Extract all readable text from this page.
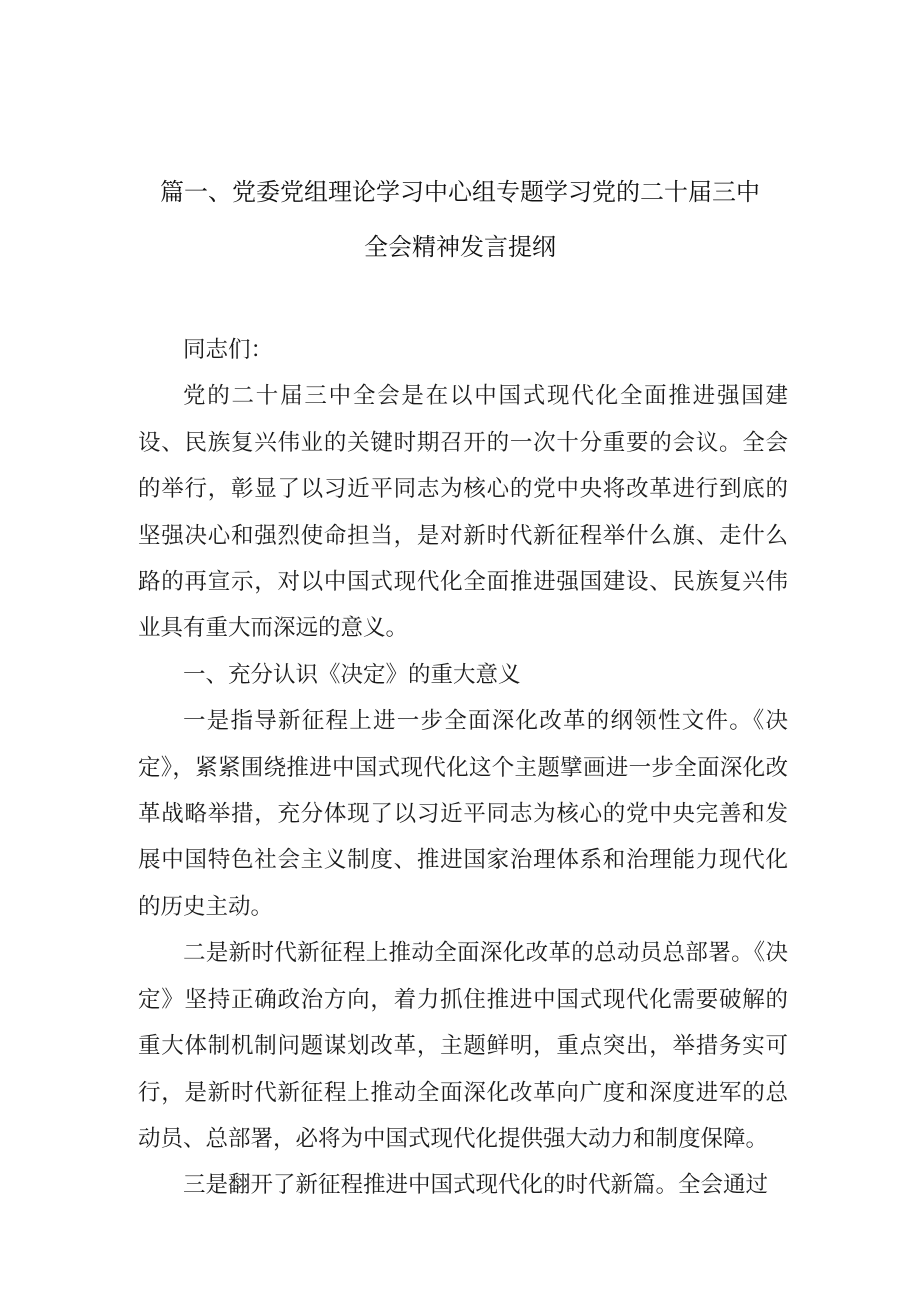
篇一、党委党组理论学习中心组专题学习党的二十届三中
全会精神发言提纲

同志们：

党的二十届三中全会是在以中国式现代化全面推进强国建设、民族复兴伟业的关键时期召开的一次十分重要的会议。全会的举行，彰显了以习近平同志为核心的党中央将改革进行到底的坚强决心和强烈使命担当，是对新时代新征程举什么旗、走什么路的再宣示，对以中国式现代化全面推进强国建设、民族复兴伟业具有重大而深远的意义。

一、充分认识《决定》的重大意义

一是指导新征程上进一步全面深化改革的纲领性文件。《决定》，紧紧围绕推进中国式现代化这个主题擘画进一步全面深化改革战略举措，充分体现了以习近平同志为核心的党中央完善和发展中国特色社会主义制度、推进国家治理体系和治理能力现代化的历史主动。

二是新时代新征程上推动全面深化改革的总动员总部署。《决定》坚持正确政治方向，着力抓住推进中国式现代化需要破解的重大体制机制问题谋划改革，主题鲜明，重点突出，举措务实可行，是新时代新征程上推动全面深化改革向广度和深度进军的总动员、总部署，必将为中国式现代化提供强大动力和制度保障。

三是翻开了新征程推进中国式现代化的时代新篇。全会通过
